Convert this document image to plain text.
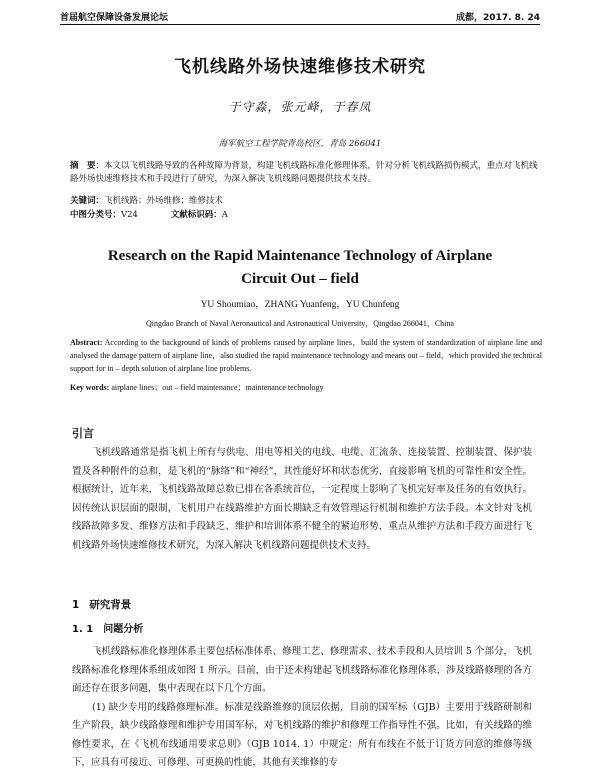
首届航空保障设备发展论坛	成都，2017. 8. 24
飞机线路外场快速维修技术研究
于守淼，张元峰，于春凤
海军航空工程学院青岛校区，青岛 266041
摘　要：本文以飞机线路导致的各种故障为背景，构建飞机线路标准化修理体系，针对分析飞机线路损伤模式，重点对飞机线路外场快速维修技术和手段进行了研究，为深入解决飞机线路问题提供技术支持。
关键词：飞机线路；外场维修；维修技术
中图分类号：V24	文献标识码：A
Research on the Rapid Maintenance Technology of Airplane
Circuit Out – field
YU Shoumiao，ZHANG Yuanfeng，YU Chunfeng
Qingdao Branch of Naval Aeronautical and Astronautical University，Qingdao 266041，China
Abstract: According to the background of kinds of problems caused by airplane lines，build the system of standardization of airplane line and analysed the damage pattern of airplane line，also studied the rapid maintenance technology and means out – field，which provided the technical support for in – depth solution of airplane line problems.
Key words: airplane lines；out – field maintenance；maintenance technology
引言
飞机线路通常是指飞机上所有与供电、用电等相关的电线、电缆、汇流条、连接装置、控制装置、保护装置及各种附件的总和，是飞机的“脉络”和“神经”，其性能好坏和状态优劣，直接影响飞机的可靠性和安全性。根据统计，近年来，飞机线路故障总数已排在各系统首位，一定程度上影响了飞机完好率及任务的有效执行。因传统认识层面的限制，飞机用户在线路维护方面长期缺乏有效管理运行机制和维护方法手段。本文针对飞机线路故障多发、维修方法和手段缺乏、维护和培训体系不健全的紧迫形势，重点从维护方法和手段方面进行飞机线路外场快速维修技术研究，为深入解决飞机线路问题提供技术支持。
1 研究背景
1. 1 问题分析
飞机线路标准化修理体系主要包括标准体系、修理工艺、修理需求、技术手段和人员培训 5 个部分，飞机线路标准化修理体系组成如图 1 所示。目前，由于还未构建起飞机线路标准化修理体系，涉及线路修理的各方面还存在很多问题，集中表现在以下几个方面。
(1) 缺少专用的线路修理标准。标准是线路维修的顶层依据，目前的国军标（GJB）主要用于线路研制和生产阶段，缺少线路修理和维护专用国军标，对飞机线路的维护和修理工作指导性不强。比如，有关线路的维修性要求，在《飞机布线通用要求总则》（GJB 1014. 1）中规定：所有布线在不低于订货方同意的维修等级下，应具有可接近、可修理、可更换的性能，其他有关维修的专
